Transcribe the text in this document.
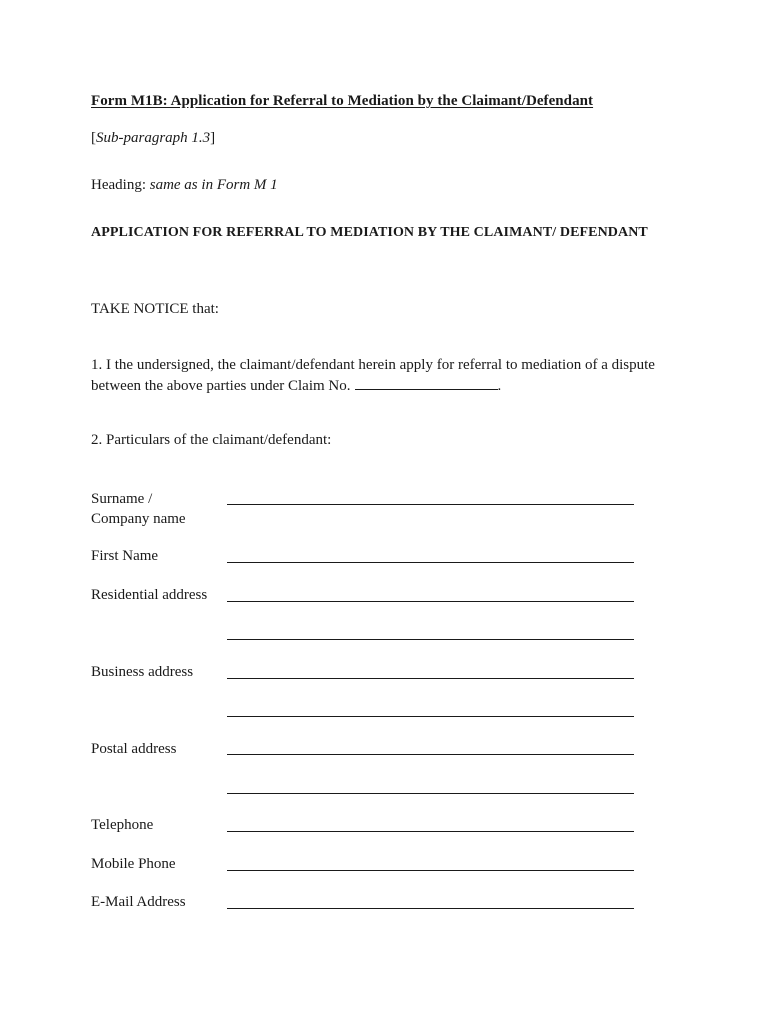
Form M1B: Application for Referral to Mediation by the Claimant/Defendant
[Sub-paragraph 1.3]
Heading: same as in Form M 1
APPLICATION FOR REFERRAL TO MEDIATION BY THE CLAIMANT/ DEFENDANT
TAKE NOTICE that:
1. I the undersigned, the claimant/defendant herein apply for referral to mediation of a dispute between the above parties under Claim No.	.
2. Particulars of the claimant/defendant:
Surname /
Company name
First Name
Residential address
Business address
Postal address
Telephone
Mobile Phone
E-Mail Address
